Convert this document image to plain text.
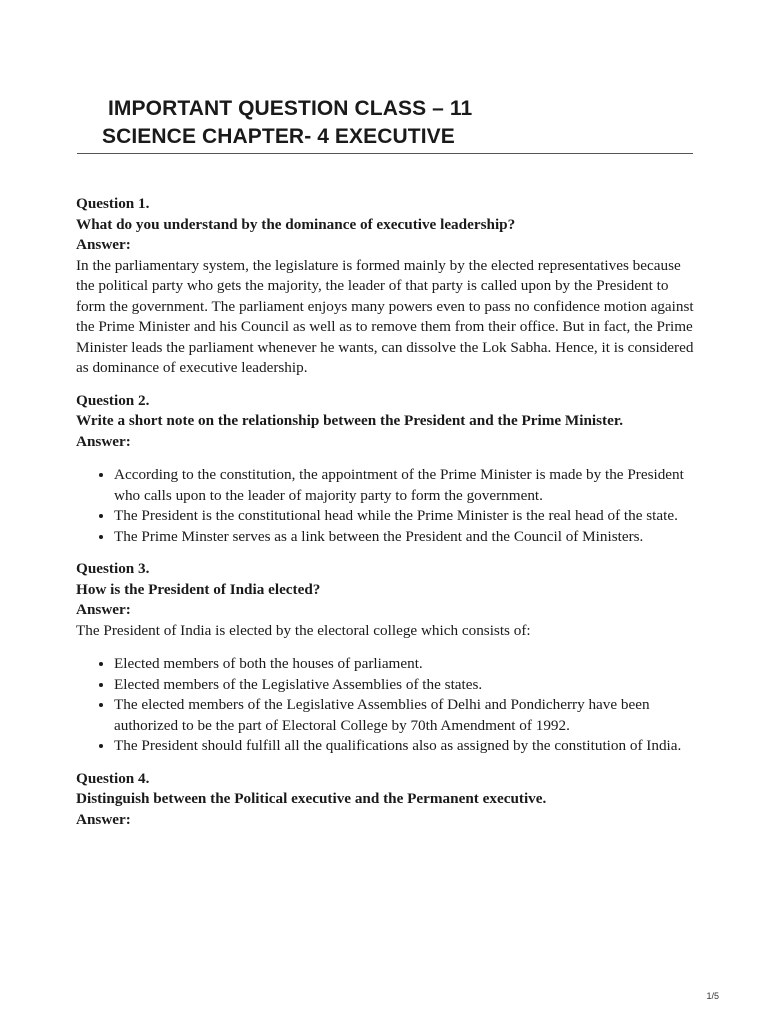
IMPORTANT QUESTION CLASS – 11
SCIENCE CHAPTER- 4 EXECUTIVE
Question 1.
What do you understand by the dominance of executive leadership?
Answer:

In the parliamentary system, the legislature is formed mainly by the elected representatives because the political party who gets the majority, the leader of that party is called upon by the President to form the government. The parliament enjoys many powers even to pass no confidence motion against the Prime Minister and his Council as well as to remove them from their office. But in fact, the Prime Minister leads the parliament whenever he wants, can dissolve the Lok Sabha. Hence, it is considered as dominance of executive leadership.

Question 2.
Write a short note on the relationship between the President and the Prime Minister.
Answer:
• According to the constitution, the appointment of the Prime Minister is made by the President who calls upon to the leader of majority party to form the government.
• The President is the constitutional head while the Prime Minister is the real head of the state.
• The Prime Minster serves as a link between the President and the Council of Ministers.
Question 3.
How is the President of India elected?
Answer:

The President of India is elected by the electoral college which consists of:

• Elected members of both the houses of parliament.
• Elected members of the Legislative Assemblies of the states.
• The elected members of the Legislative Assemblies of Delhi and Pondicherry have been authorized to be the part of Electoral College by 70th Amendment of 1992.
• The President should fulfill all the qualifications also as assigned by the constitution of India.
Question 4.
Distinguish between the Political executive and the Permanent executive.
Answer:
1/5
